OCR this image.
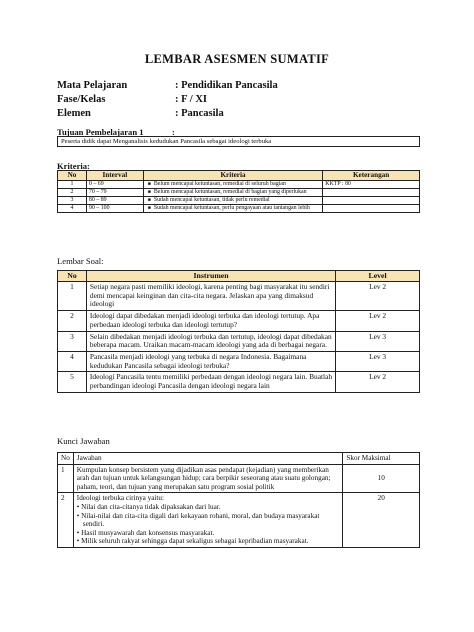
LEMBAR ASESMEN SUMATIF
Mata Pelajaran	: Pendidikan Pancasila
Fase/Kelas	: F / XI
Elemen	: Pancasila
Tujuan Pembelajaran 1	:
Peserta didik dapat Menganalisis kedudukan Pancasila sebagai ideologi terbuka
Kriteria:
No	Interval	Kriteria	Keterangan
1	0 – 69	■ Belum mencapai ketuntasan, remedial di seluruh bagian	KKTP : 80
2	70 – 79	■ Belum mencapai ketuntasan, remedial di bagian yang diperlukan	

3	80 – 89	■ Sudah mencapai ketuntasan, tidak perlu remedial	

4	90 – 100	■ Sudah mencapai ketuntasan, perlu pengayaan atau tantangan lebih	

Lembar Soal:
No	Instrumen	Level
1	Setiap negara pasti memiliki ideologi, karena penting bagi masyarakat itu sendiri demi mencapai keinginan dan cita-cita negara. Jelaskan apa yang dimaksud ideologi	Lev 2
2	Ideologi dapat dibedakan menjadi ideologi terbuka dan ideologi tertutup. Apa perbedaan ideologi terbuka dan ideologi tertutup?	Lev 2
3	Selain dibedakan menjadi ideologi terbuka dan tertutup, ideologi dapat dibedakan beberapa macam. Uraikan macam-macam ideologi yang ada di berbagai negara.	Lev 3
4	Pancasila menjadi ideologi yang terbuka di negara Indonesia. Bagaimana kedudukan Pancasila sebagai ideologi terbuka?	Lev 3
5	Ideologi Pancasila tentu memiliki perbedaan dengan ideologi negara lain. Buatlah perbandingan ideologi Pancasila dengan ideologi negara lain	Lev 2
Kunci Jawaban
No	Jawaban	Skor Maksimal
1	Kumpulan konsep bersistem yang dijadikan asas pendapat (kejadian) yang memberikan arah dan tujuan untuk kelangsungan hidup; cara berpikir seseorang atau suatu golongan; paham, teori, dan tujuan yang merupakan satu program sosial politik	10
2	Ideologi terbuka cirinya yaitu:
• Nilai dan cita-citanya tidak dipaksakan dari luar.
• Nilai-nilai dan cita-cita digali dari kekayaan rohani, moral, dan budaya masyarakat sendiri.
• Hasil musyawarah dan konsensus masyarakat.
• Milik seluruh rakyat sehingga dapat sekaligus sebagai kepribadian masyarakat.	20
